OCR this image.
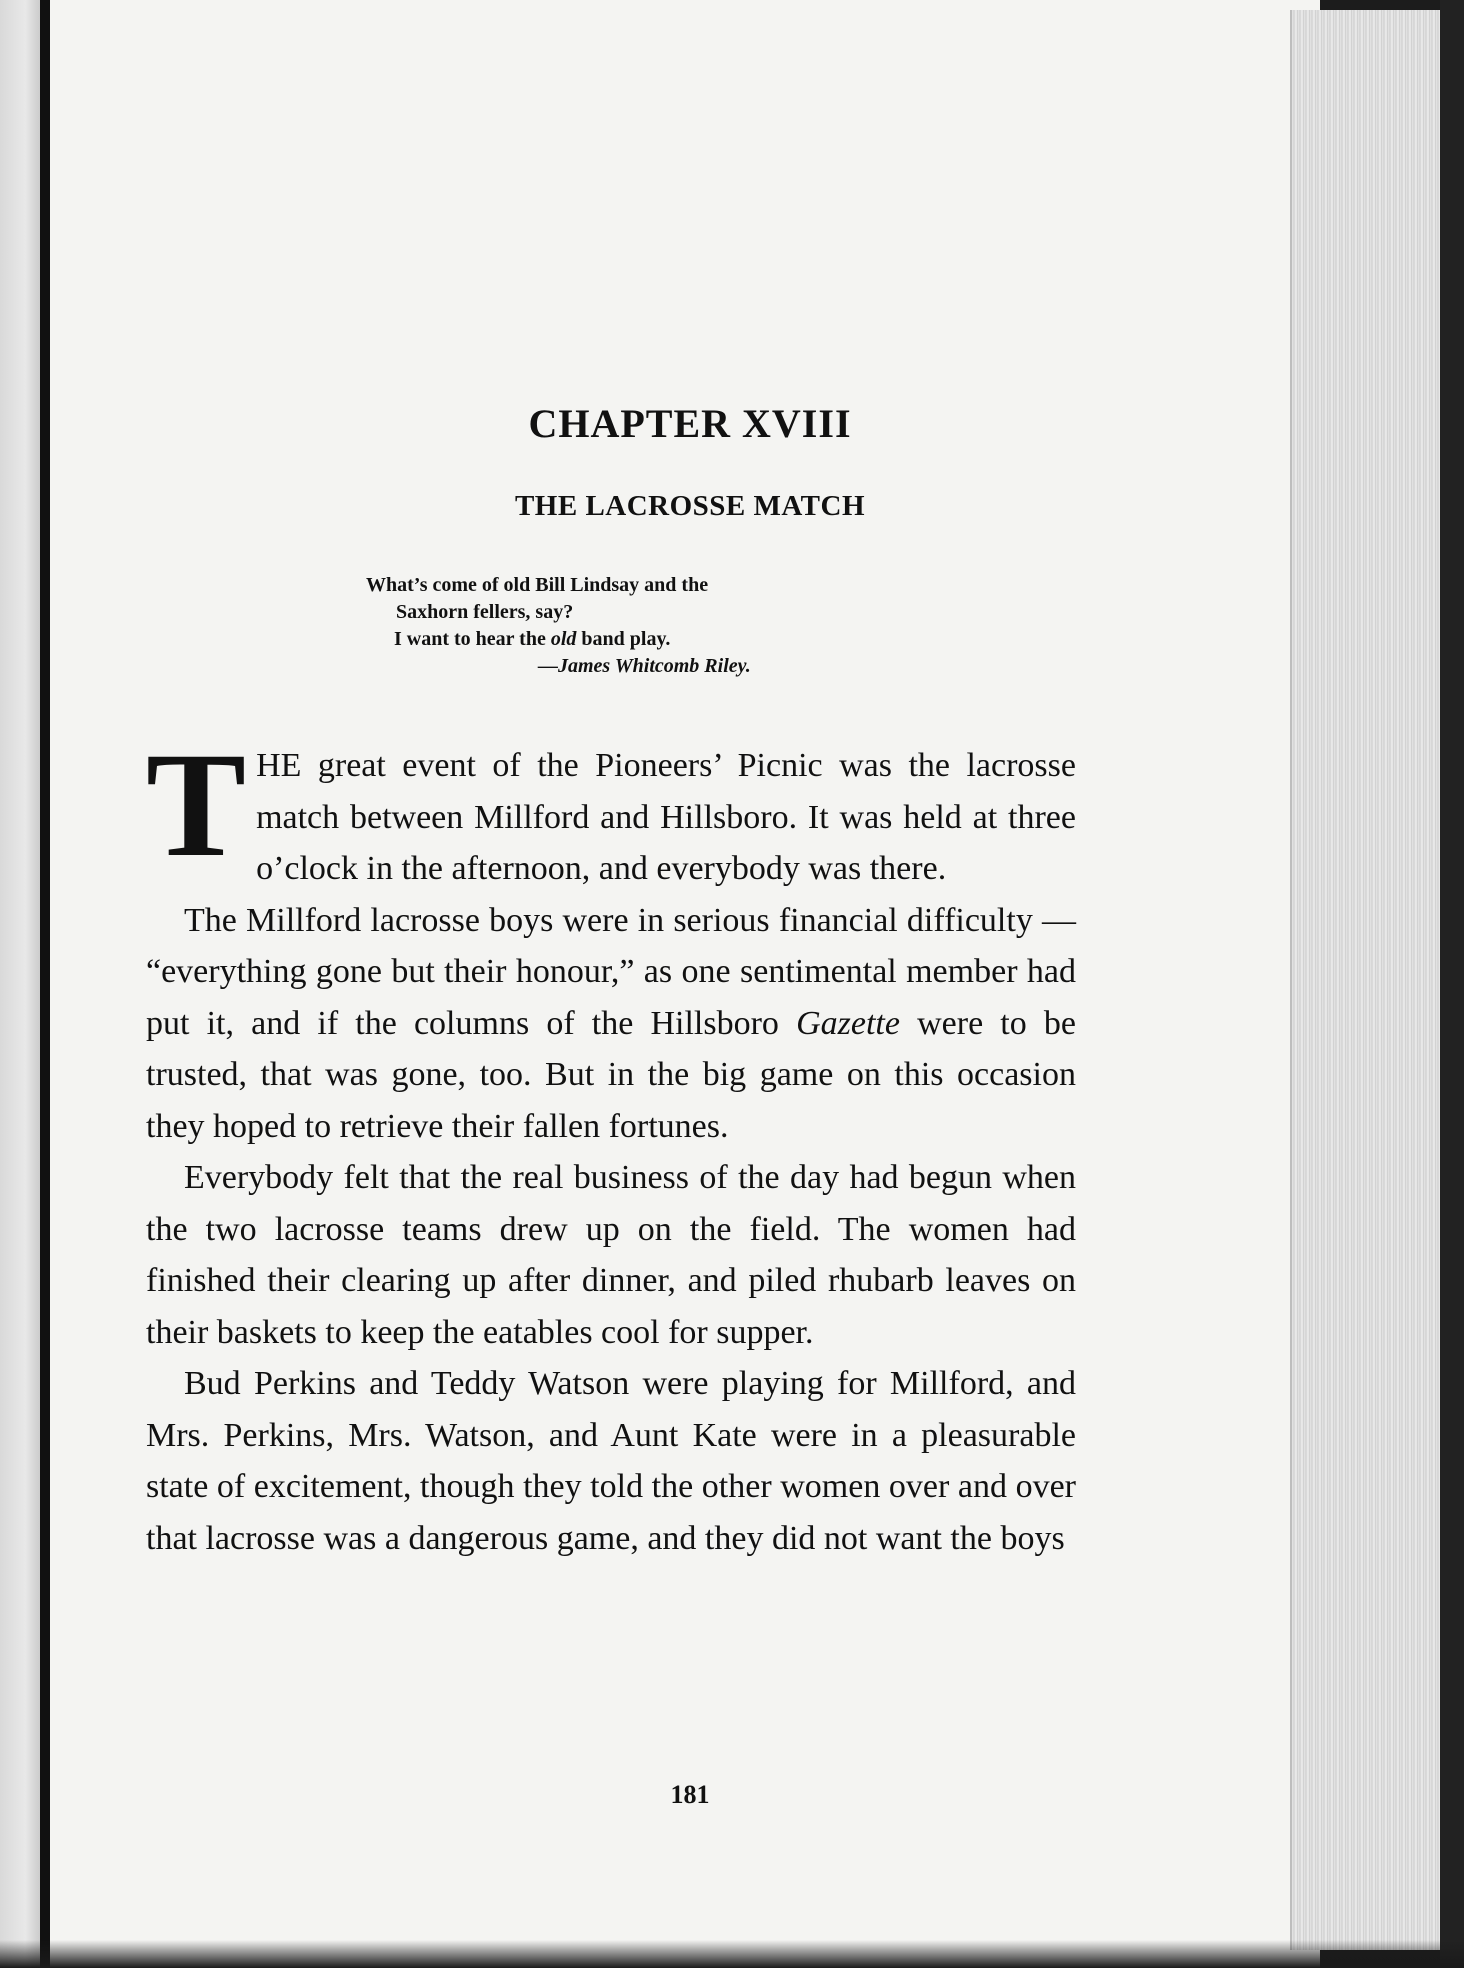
CHAPTER XVIII
THE LACROSSE MATCH
What’s come of old Bill Lindsay and the
Saxhorn fellers, say?
I want to hear the old band play.
—James Whitcomb Riley.

THE great event of the Pioneers’ Picnic was the lacrosse match between Millford and Hillsboro. It was held at three o’clock in the afternoon, and everybody was there.

The Millford lacrosse boys were in serious financial difficulty — “everything gone but their honour,” as one sentimental member had put it, and if the columns of the Hillsboro Gazette were to be trusted, that was gone, too. But in the big game on this occasion they hoped to retrieve their fallen fortunes.

Everybody felt that the real business of the day had begun when the two lacrosse teams drew up on the field. The women had finished their clearing up after dinner, and piled rhubarb leaves on their baskets to keep the eatables cool for supper.

Bud Perkins and Teddy Watson were playing for Millford, and Mrs. Perkins, Mrs. Watson, and Aunt Kate were in a pleasurable state of excitement, though they told the other women over and over that lacrosse was a dangerous game, and they did not want the boys

181
